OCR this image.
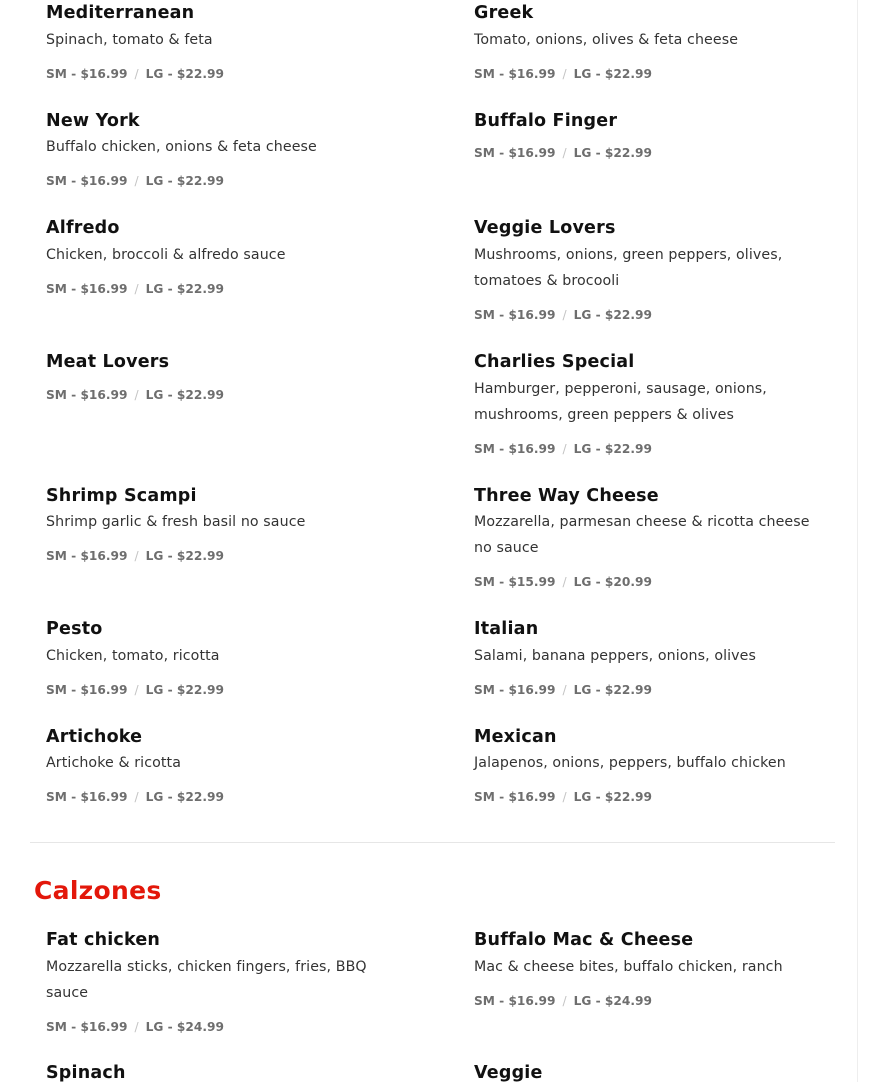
Mediterranean
Spinach, tomato & feta
SM - $16.99 / LG - $22.99
Greek
Tomato, onions, olives & feta cheese
SM - $16.99 / LG - $22.99
New York
Buffalo chicken, onions & feta cheese
SM - $16.99 / LG - $22.99
Buffalo Finger
SM - $16.99 / LG - $22.99
Alfredo
Chicken, broccoli & alfredo sauce
SM - $16.99 / LG - $22.99
Veggie Lovers
Mushrooms, onions, green peppers, olives, tomatoes & brocooli
SM - $16.99 / LG - $22.99
Meat Lovers
SM - $16.99 / LG - $22.99
Charlies Special
Hamburger, pepperoni, sausage, onions, mushrooms, green peppers & olives
SM - $16.99 / LG - $22.99
Shrimp Scampi
Shrimp garlic & fresh basil no sauce
SM - $16.99 / LG - $22.99
Three Way Cheese
Mozzarella, parmesan cheese & ricotta cheese no sauce
SM - $15.99 / LG - $20.99
Pesto
Chicken, tomato, ricotta
SM - $16.99 / LG - $22.99
Italian
Salami, banana peppers, onions, olives
SM - $16.99 / LG - $22.99
Artichoke
Artichoke & ricotta
SM - $16.99 / LG - $22.99
Mexican
Jalapenos, onions, peppers, buffalo chicken
SM - $16.99 / LG - $22.99
Calzones
Fat chicken
Mozzarella sticks, chicken fingers, fries, BBQ sauce
SM - $16.99 / LG - $24.99
Buffalo Mac & Cheese
Mac & cheese bites, buffalo chicken, ranch
SM - $16.99 / LG - $24.99
Spinach	Veggie
